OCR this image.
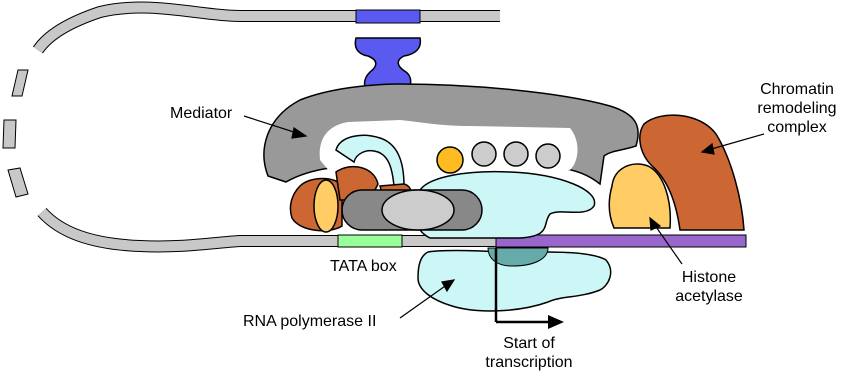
Mediator
Chromatin
remodeling
complex
TATA box
Histone
acetylase
RNA polymerase II
Start of
transcription
